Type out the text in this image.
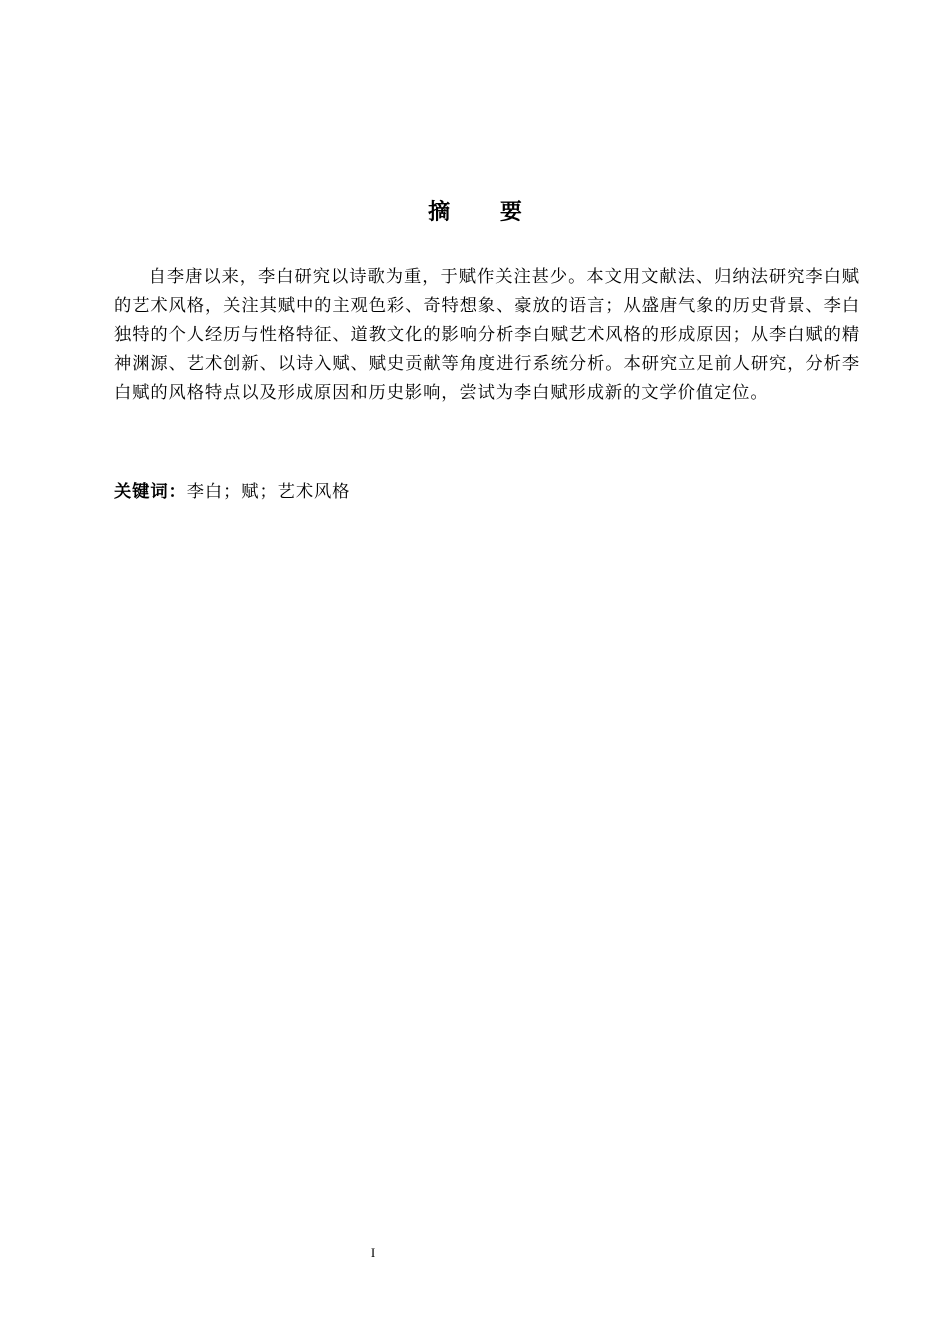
摘 要

自李唐以来，李白研究以诗歌为重，于赋作关注甚少。本文用文献法、归纳法研究李白赋的艺术风格，关注其赋中的主观色彩、奇特想象、豪放的语言；从盛唐气象的历史背景、李白独特的个人经历与性格特征、道教文化的影响分析李白赋艺术风格的形成原因；从李白赋的精神渊源、艺术创新、以诗入赋、赋史贡献等角度进行系统分析。本研究立足前人研究，分析李白赋的风格特点以及形成原因和历史影响，尝试为李白赋形成新的文学价值定位。

关键词：李白；赋；艺术风格

I
